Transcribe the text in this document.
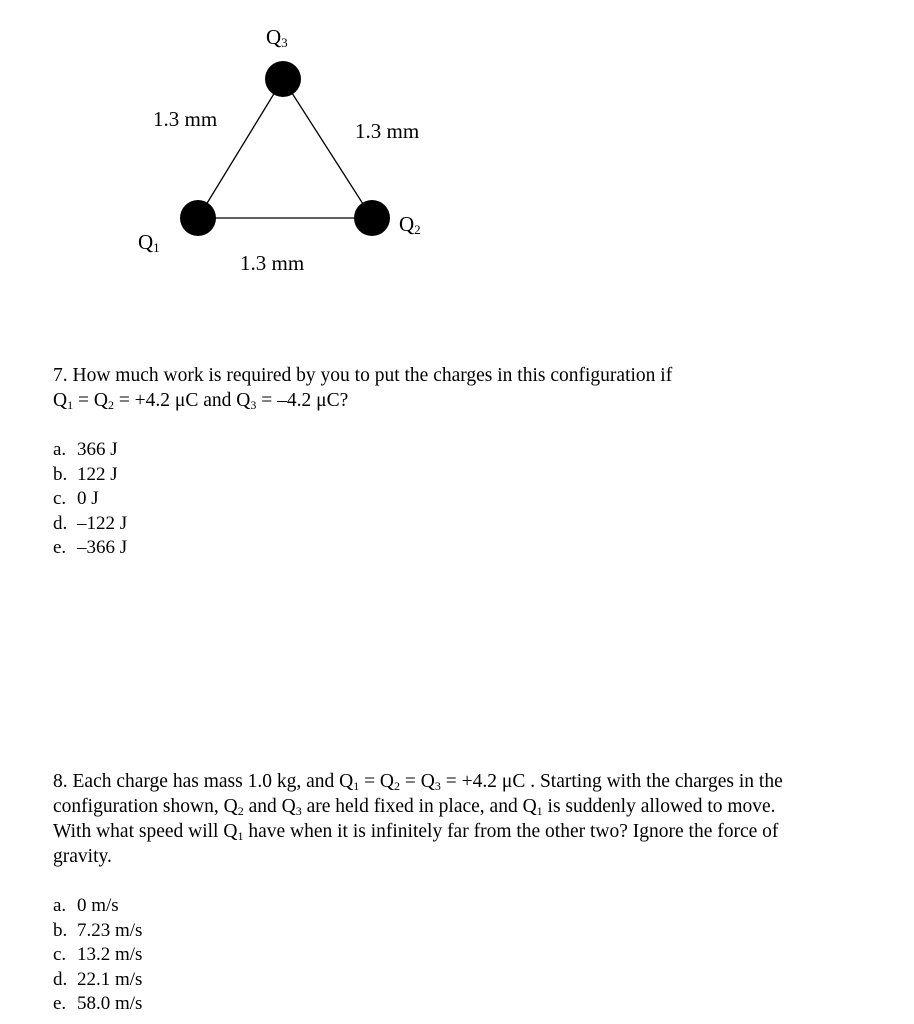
$Q_3$
$Q_1$
$Q_2$
1.3 mm	1.3 mm
1.3 mm
7. How much work is required by you to put the charges in this configuration if
$Q_1 = Q_2 = +4.2$ μC and $Q_3 = -4.2$ μC?
a. 366 J
b. 122 J
c. 0 J
d. –122 J
e. –366 J
8. Each charge has mass 1.0 kg, and $Q_1 = Q_2 = Q_3 = +4.2$ μC . Starting with the charges in the
configuration shown, $Q_2$ and $Q_3$ are held fixed in place, and $Q_1$ is suddenly allowed to move.
With what speed will $Q_1$ have when it is infinitely far from the other two? Ignore the force of
gravity.
a. 0 m/s
b. 7.23 m/s
c. 13.2 m/s
d. 22.1 m/s
e. 58.0 m/s
